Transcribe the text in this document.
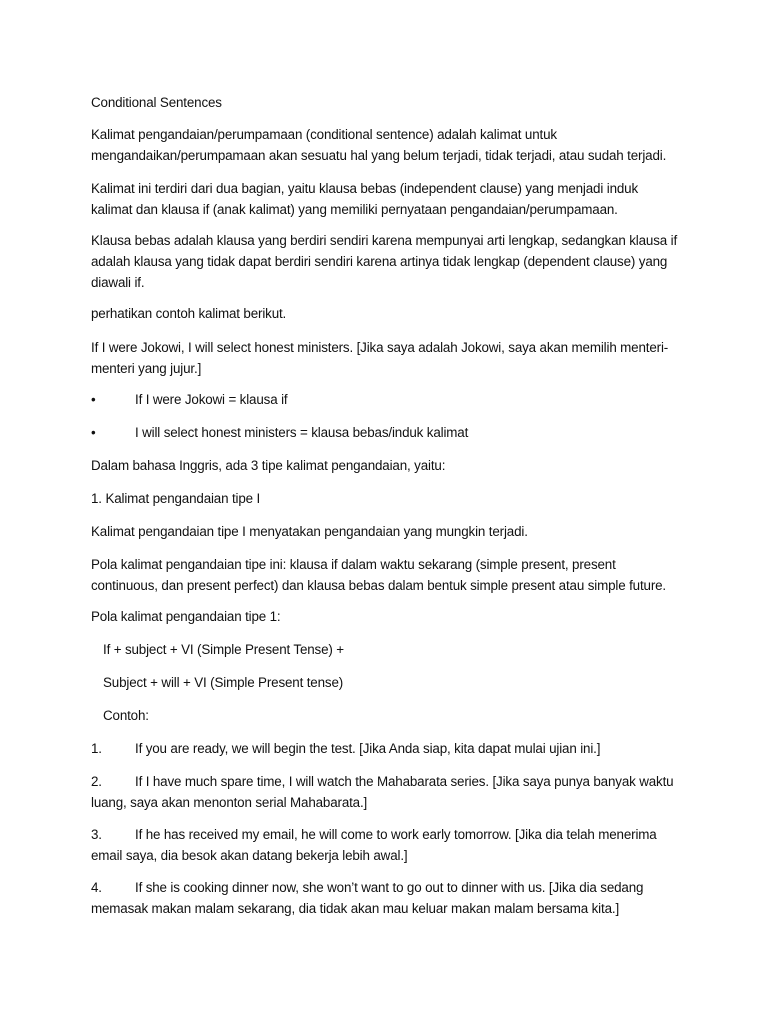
Conditional Sentences

Kalimat pengandaian/perumpamaan (conditional sentence) adalah kalimat untuk mengandaikan/perumpamaan akan sesuatu hal yang belum terjadi, tidak terjadi, atau sudah terjadi.

Kalimat ini terdiri dari dua bagian, yaitu klausa bebas (independent clause) yang menjadi induk kalimat dan klausa if (anak kalimat) yang memiliki pernyataan pengandaian/perumpamaan.

Klausa bebas adalah klausa yang berdiri sendiri karena mempunyai arti lengkap, sedangkan klausa if adalah klausa yang tidak dapat berdiri sendiri karena artinya tidak lengkap (dependent clause) yang diawali if.

perhatikan contoh kalimat berikut.

If I were Jokowi, I will select honest ministers. [Jika saya adalah Jokowi, saya akan memilih menteri-menteri yang jujur.]

•	If I were Jokowi = klausa if
•	I will select honest ministers = klausa bebas/induk kalimat

Dalam bahasa Inggris, ada 3 tipe kalimat pengandaian, yaitu:

1. Kalimat pengandaian tipe I

Kalimat pengandaian tipe I menyatakan pengandaian yang mungkin terjadi.

Pola kalimat pengandaian tipe ini: klausa if dalam waktu sekarang (simple present, present continuous, dan present perfect) dan klausa bebas dalam bentuk simple present atau simple future.

Pola kalimat pengandaian tipe 1:

If + subject + VI (Simple Present Tense) +

Subject + will + VI (Simple Present tense)

Contoh:

1.	If you are ready, we will begin the test. [Jika Anda siap, kita dapat mulai ujian ini.]
2.	If I have much spare time, I will watch the Mahabarata series. [Jika saya punya banyak waktu luang, saya akan menonton serial Mahabarata.]
3.	If he has received my email, he will come to work early tomorrow. [Jika dia telah menerima email saya, dia besok akan datang bekerja lebih awal.]
4.	If she is cooking dinner now, she won’t want to go out to dinner with us. [Jika dia sedang memasak makan malam sekarang, dia tidak akan mau keluar makan malam bersama kita.]
